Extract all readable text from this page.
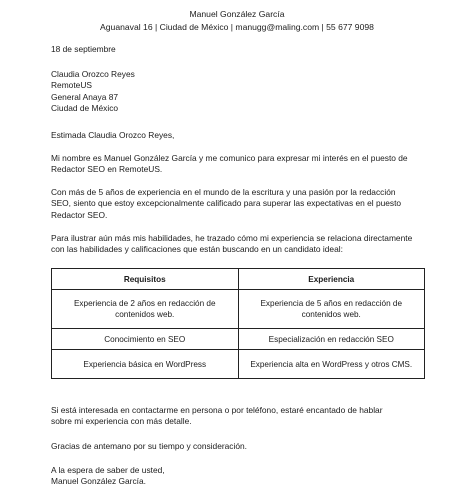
Manuel González García
Aguanaval 16 | Ciudad de México | manugg@maling.com | 55 677 9098
18 de septiembre
Claudia Orozco Reyes
RemoteUS
General Anaya 87
Ciudad de México
Estimada Claudia Orozco Reyes,
Mi nombre es Manuel González García y me comunico para expresar mi interés en el puesto de
Redactor SEO en RemoteUS.
Con más de 5 años de experiencia en el mundo de la escritura y una pasión por la redacción
SEO, siento que estoy excepcionalmente calificado para superar las expectativas en el puesto
Redactor SEO.
Para ilustrar aún más mis habilidades, he trazado cómo mi experiencia se relaciona directamente
con las habilidades y calificaciones que están buscando en un candidato ideal:
Requisitos	Experiencia
Experiencia de 2 años en redacción de contenidos web.	Experiencia de 5 años en redacción de contenidos web.
Conocimiento en SEO	Especialización en redacción SEO
Experiencia básica en WordPress	Experiencia alta en WordPress y otros CMS.
Si está interesada en contactarme en persona o por teléfono, estaré encantado de hablar
sobre mi experiencia con más detalle.
Gracias de antemano por su tiempo y consideración.
A la espera de saber de usted,
Manuel González García.
